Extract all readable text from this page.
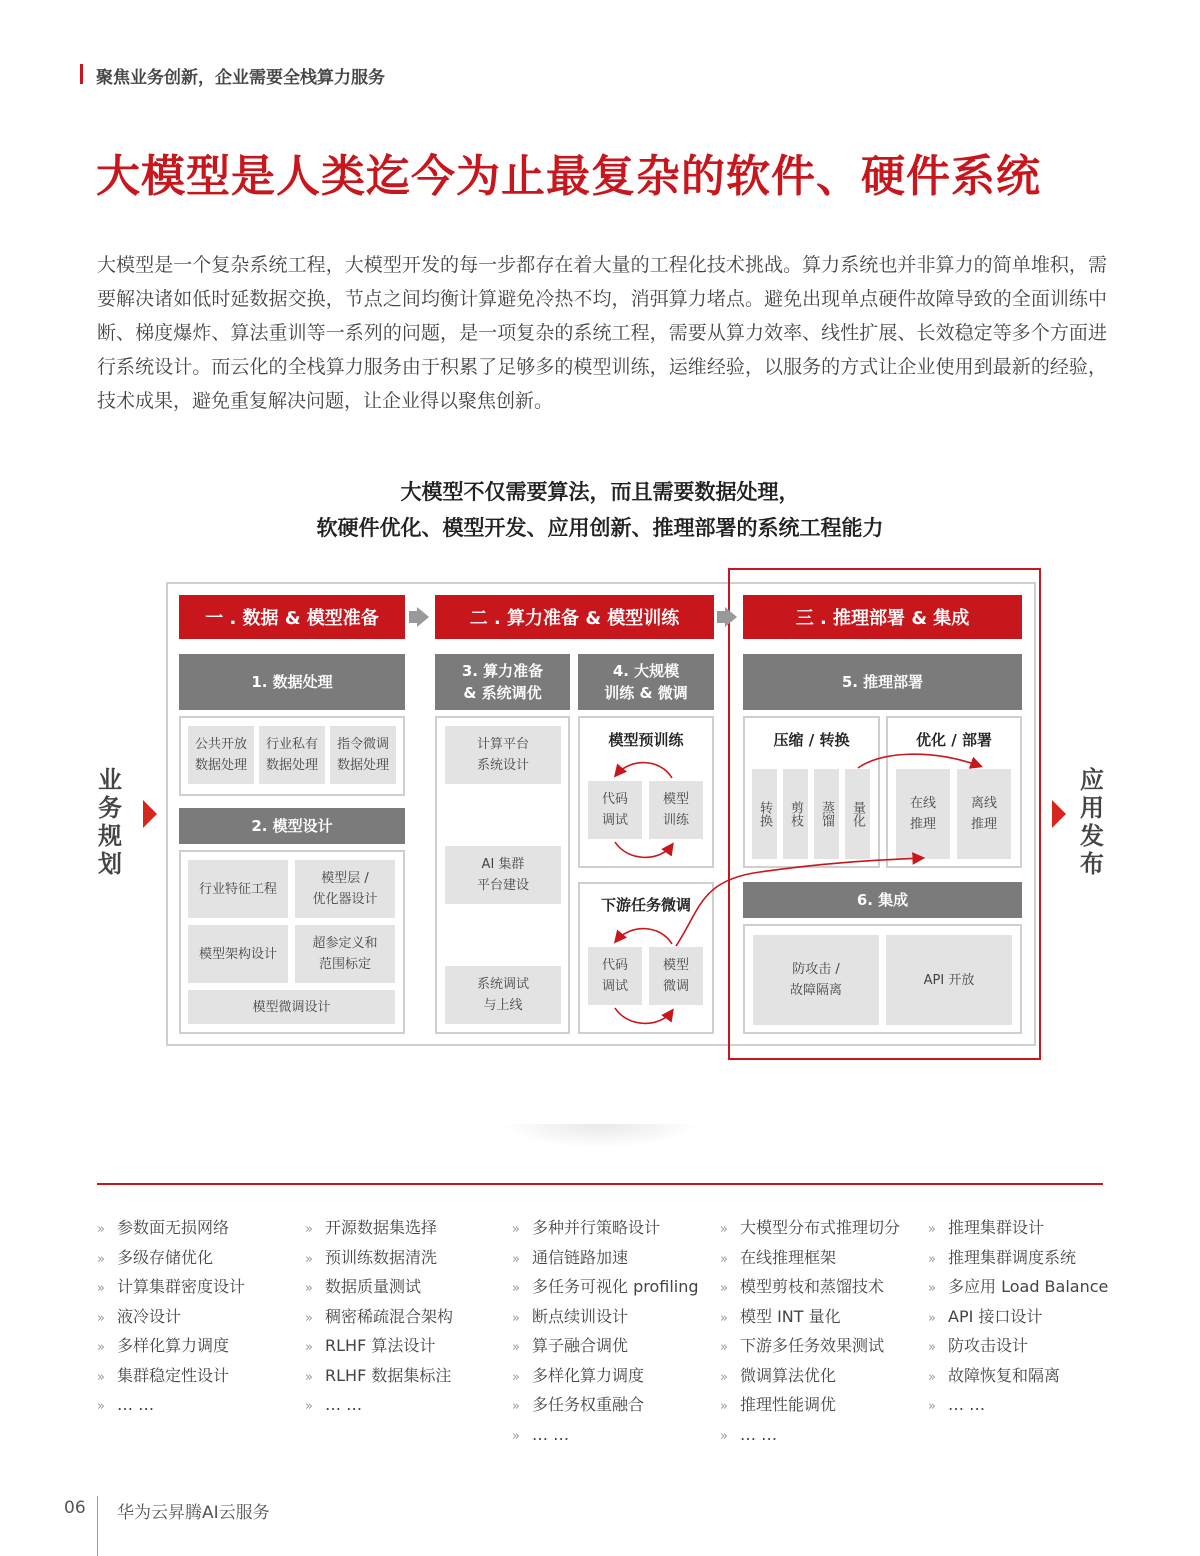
聚焦业务创新，企业需要全栈算力服务
大模型是人类迄今为止最复杂的软件、硬件系统

大模型是一个复杂系统工程，大模型开发的每一步都存在着大量的工程化技术挑战。算力系统也并非算力的简单堆积，需要解决诸如低时延数据交换，节点之间均衡计算避免冷热不均，消弭算力堵点。避免出现单点硬件故障导致的全面训练中断、梯度爆炸、算法重训等一系列的问题，是一项复杂的系统工程，需要从算力效率、线性扩展、长效稳定等多个方面进行系统设计。而云化的全栈算力服务由于积累了足够多的模型训练，运维经验，以服务的方式让企业使用到最新的经验，技术成果，避免重复解决问题，让企业得以聚焦创新。

大模型不仅需要算法，而且需要数据处理，
软硬件优化、模型开发、应用创新、推理部署的系统工程能力
业务规划
应用发布
一 . 数据 & 模型准备	二 . 算力准备 & 模型训练	三 . 推理部署 & 集成
1. 数据处理
公共开放
数据处理
行业私有
数据处理
指令微调
数据处理
2. 模型设计
行业特征工程
模型层 /
优化器设计
模型架构设计
超参定义和
范围标定
模型微调设计
3. 算力准备
& 系统调优
4. 大规模
训练 & 微调
计算平台
系统设计
AI 集群
平台建设
系统调试
与上线
模型预训练
代码
调试
模型
训练
下游任务微调
代码
调试
模型
微调
5. 推理部署
压缩 / 转换
转换	剪枝	蒸馏	量化
优化 / 部署
在线
推理
离线
推理
6. 集成
防攻击 /
故障隔离
API 开放
» 参数面无损网络
» 多级存储优化
» 计算集群密度设计
» 液冷设计
» 多样化算力调度
» 集群稳定性设计
» … …
» 开源数据集选择
» 预训练数据清洗
» 数据质量测试
» 稠密稀疏混合架构
» RLHF 算法设计
» RLHF 数据集标注
» … …
» 多种并行策略设计
» 通信链路加速
» 多任务可视化 profiling
» 断点续训设计
» 算子融合调优
» 多样化算力调度
» 多任务权重融合
» … …
» 大模型分布式推理切分
» 在线推理框架
» 模型剪枝和蒸馏技术
» 模型 INT 量化
» 下游多任务效果测试
» 微调算法优化
» 推理性能调优
» … …
» 推理集群设计
» 推理集群调度系统
» 多应用 Load Balance
» API 接口设计
» 防攻击设计
» 故障恢复和隔离
» … …
06 华为云昇腾AI云服务
